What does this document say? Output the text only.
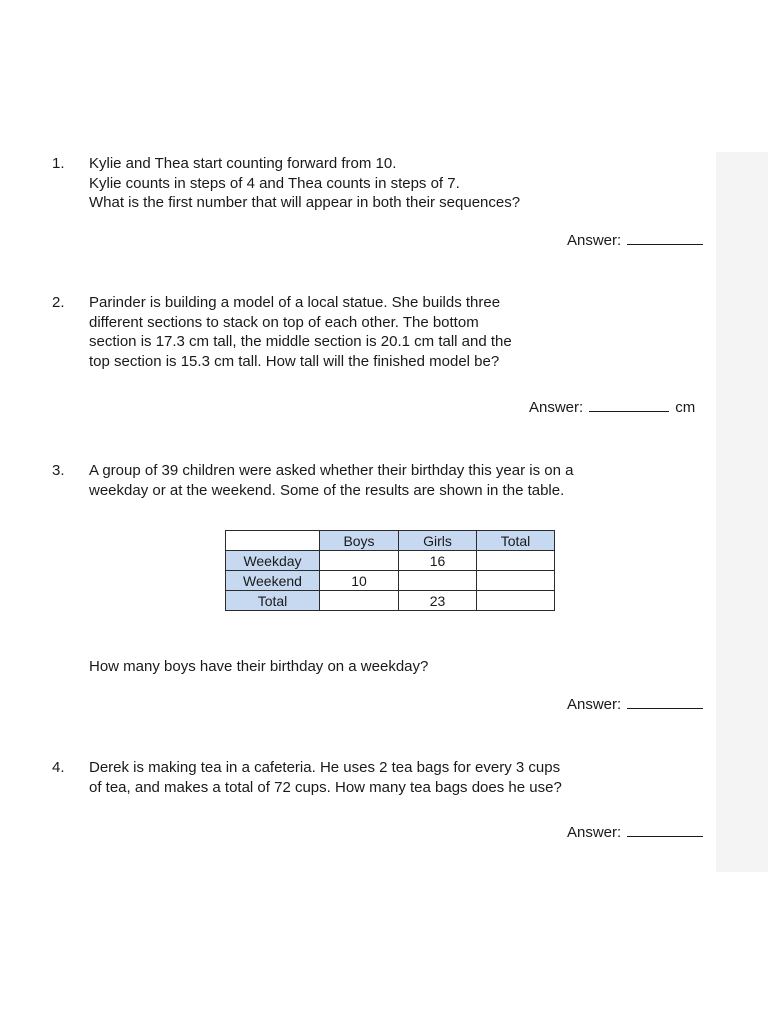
1. Kylie and Thea start counting forward from 10.
Kylie counts in steps of 4 and Thea counts in steps of 7.
What is the first number that will appear in both their sequences?

Answer:
2. Parinder is building a model of a local statue. She builds three
different sections to stack on top of each other. The bottom
section is 17.3 cm tall, the middle section is 20.1 cm tall and the
top section is 15.3 cm tall. How tall will the finished model be?

Answer:	cm
3. A group of 39 children were asked whether their birthday this year is on a
weekday or at the weekend. Some of the results are shown in the table.

	Boys	Girls	Total
Weekday		16	
Weekend	10		
Total		23	
How many boys have their birthday on a weekday?
Answer:
4. Derek is making tea in a cafeteria. He uses 2 tea bags for every 3 cups
of tea, and makes a total of 72 cups. How many tea bags does he use?

Answer:
